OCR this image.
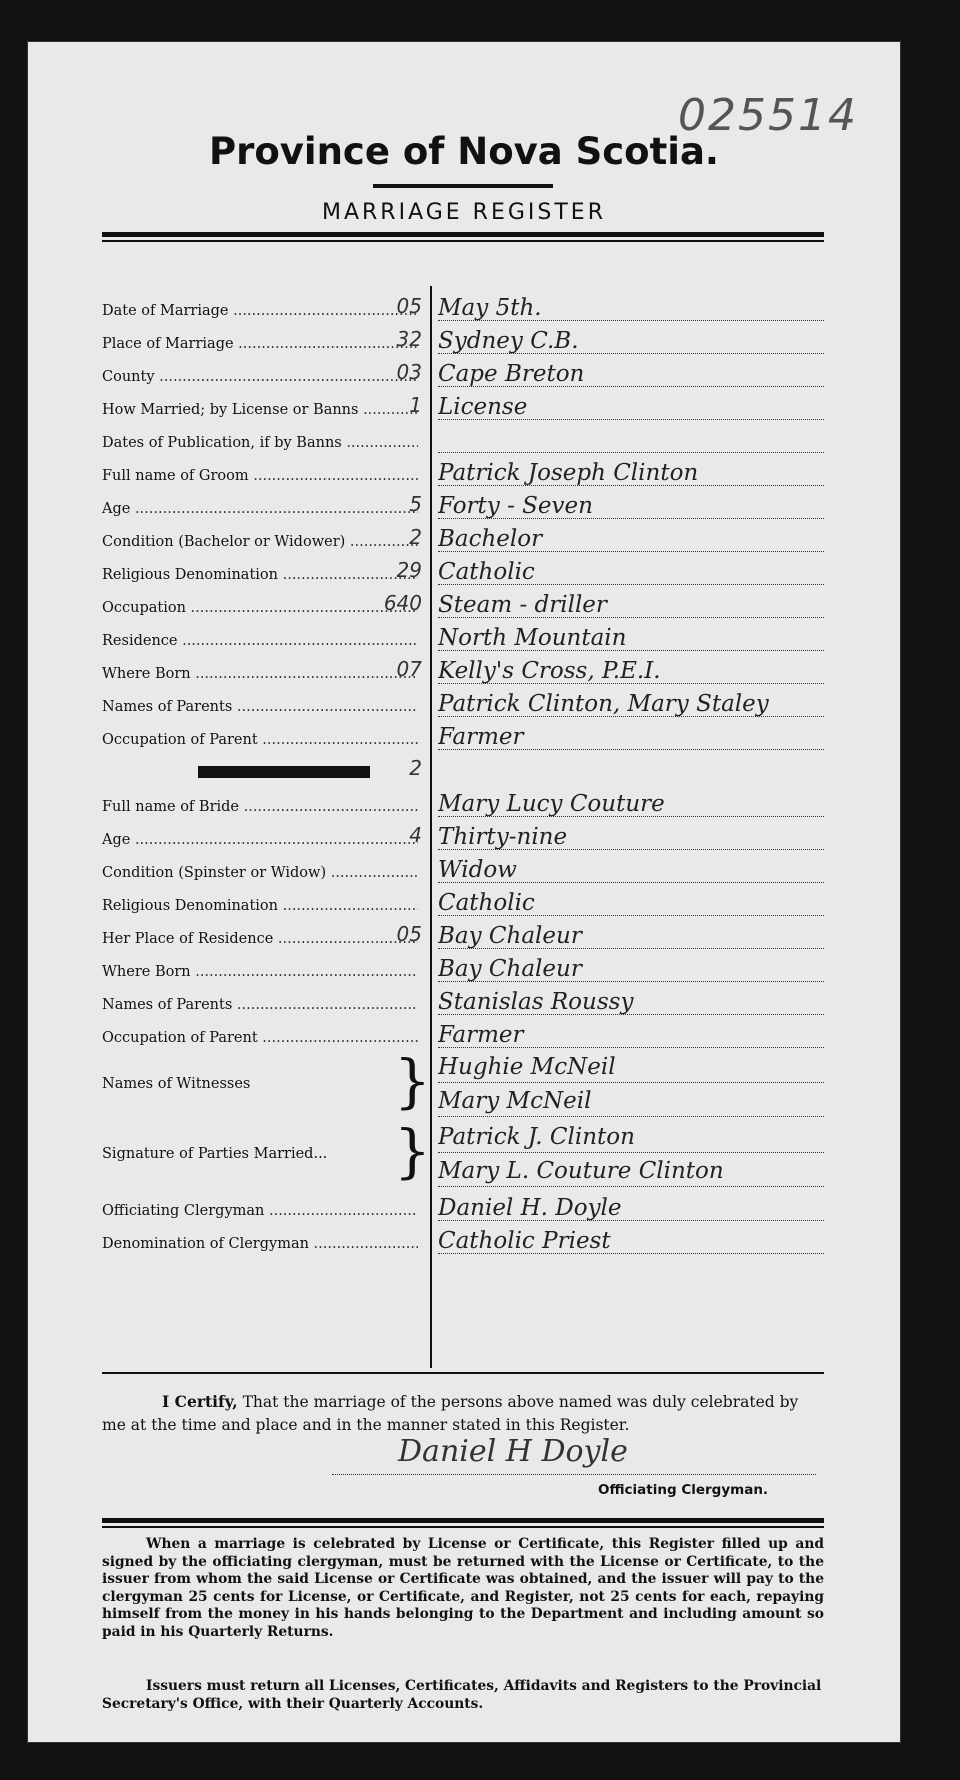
025514
Province of Nova Scotia.
MARRIAGE REGISTER
Date of Marriage .....	05 May 5th.
Place of Marriage .....	32 Sydney C.B.
County .....	03 Cape Breton
How Married; by License or Banns .....	1 License
Dates of Publication, if by Banns .....
Full name of Groom .....	Patrick Joseph Clinton
Age .....	5 Forty - Seven
Condition (Bachelor or Widower) .....	2 Bachelor
Religious Denomination .....	29 Catholic
Occupation .....	640 Steam - driller
Residence .....	North Mountain
Where Born .....	07 Kelly's Cross, P.E.I.
Names of Parents .....	Patrick Clinton, Mary Staley
Occupation of Parent .....	Farmer
2
Full name of Bride .....	Mary Lucy Couture
Age .....	4 Thirty-nine
Condition (Spinster or Widow) .....	Widow
Religious Denomination .....	Catholic
Her Place of Residence .....	05 Bay Chaleur
Where Born .....	Bay Chaleur
Names of Parents .....	Stanislas Roussy
Occupation of Parent .....	Farmer
Names of Witnesses	} Hughie McNeil
Mary McNeil
Signature of Parties Married...	} Patrick J. Clinton
Mary L. Couture Clinton
Officiating Clergyman .....	Daniel H. Doyle
Denomination of Clergyman .....	Catholic Priest
I Certify, That the marriage of the persons above named was duly celebrated by me at the time and place and in the manner stated in this Register.
Daniel H Doyle
Officiating Clergyman.
When a marriage is celebrated by License or Certificate, this Register filled up and signed by the officiating clergyman, must be returned with the License or Certificate, to the issuer from whom the said License or Certificate was obtained, and the issuer will pay to the clergyman 25 cents for License, or Certificate, and Register, not 25 cents for each, repaying himself from the money in his hands belonging to the Department and including amount so paid in his Quarterly Returns.
Issuers must return all Licenses, Certificates, Affidavits and Registers to the Provincial Secretary's Office, with their Quarterly Accounts.
